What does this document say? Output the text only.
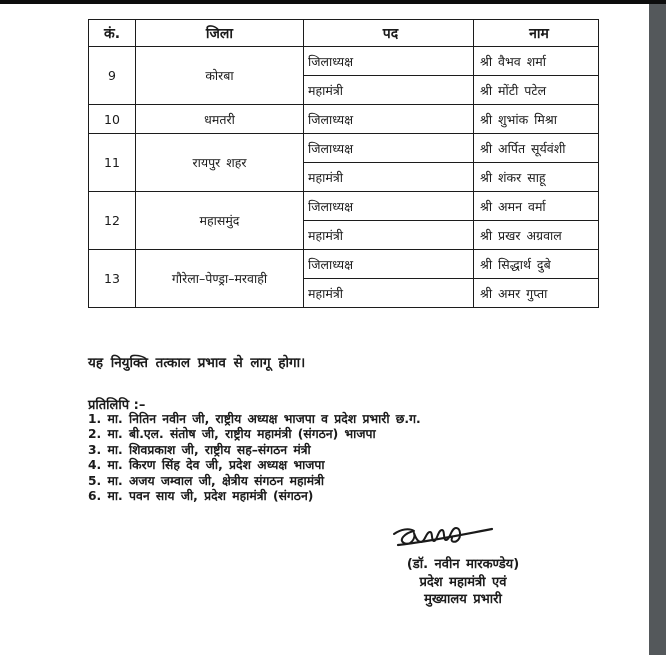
कं.	जिला	पद	नाम
9	कोरबा	जिलाध्यक्ष	श्री वैभव शर्मा
		महामंत्री	श्री मोंटी पटेल
10	धमतरी	जिलाध्यक्ष	श्री शुभांक मिश्रा
11	रायपुर शहर	जिलाध्यक्ष	श्री अर्पित सूर्यवंशी
		महामंत्री	श्री शंकर साहू
12	महासमुंद	जिलाध्यक्ष	श्री अमन वर्मा
		महामंत्री	श्री प्रखर अग्रवाल
13	गौरेला–पेण्ड्रा–मरवाही	जिलाध्यक्ष	श्री सिद्धार्थ दुबे
		महामंत्री	श्री अमर गुप्ता
यह नियुक्ति तत्काल प्रभाव से लागू होगा।
प्रतिलिपि :–
1. मा. नितिन नवीन जी, राष्ट्रीय अध्यक्ष भाजपा व प्रदेश प्रभारी छ.ग.
2. मा. बी.एल. संतोष जी, राष्ट्रीय महामंत्री (संगठन) भाजपा
3. मा. शिवप्रकाश जी, राष्ट्रीय सह–संगठन मंत्री
4. मा. किरण सिंह देव जी, प्रदेश अध्यक्ष भाजपा
5. मा. अजय जम्वाल जी, क्षेत्रीय संगठन महामंत्री
6. मा. पवन साय जी, प्रदेश महामंत्री (संगठन)
(डॉ. नवीन मारकण्डेय)
प्रदेश महामंत्री एवं
मुख्यालय प्रभारी
